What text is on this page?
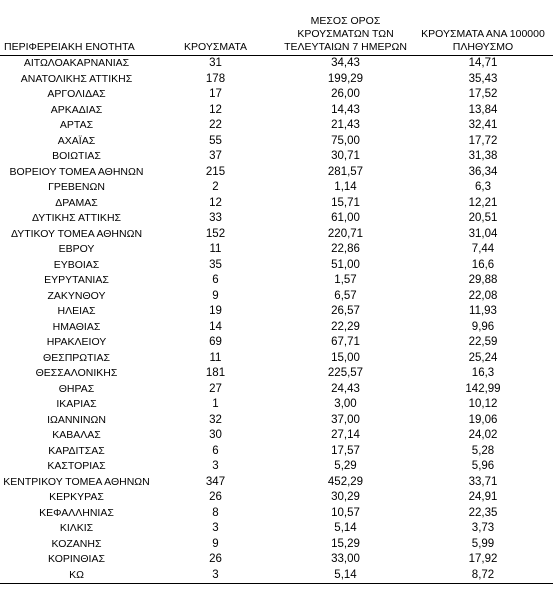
ΠΕΡΙΦΕΡΕΙΑΚΗ ΕΝΟΤΗΤΑ	ΚΡΟΥΣΜΑΤΑ	ΜΕΣΟΣ ΟΡΟΣ
ΚΡΟΥΣΜΑΤΩΝ ΤΩΝ
ΤΕΛΕΥΤΑΙΩΝ 7 ΗΜΕΡΩΝ	ΚΡΟΥΣΜΑΤΑ ΑΝΑ 100000
ΠΛΗΘΥΣΜΟ

ΑΙΤΩΛΟΑΚΑΡΝΑΝΙΑΣ	31	34,43	14,71
ΑΝΑΤΟΛΙΚΗΣ ΑΤΤΙΚΗΣ	178	199,29	35,43
ΑΡΓΟΛΙΔΑΣ	17	26,00	17,52
ΑΡΚΑΔΙΑΣ	12	14,43	13,84
ΑΡΤΑΣ	22	21,43	32,41
ΑΧΑΪΑΣ	55	75,00	17,72
ΒΟΙΩΤΙΑΣ	37	30,71	31,38
ΒΟΡΕΙΟΥ ΤΟΜΕΑ ΑΘΗΝΩΝ	215	281,57	36,34
ΓΡΕΒΕΝΩΝ	2	1,14	6,3
ΔΡΑΜΑΣ	12	15,71	12,21
ΔΥΤΙΚΗΣ ΑΤΤΙΚΗΣ	33	61,00	20,51
ΔΥΤΙΚΟΥ ΤΟΜΕΑ ΑΘΗΝΩΝ	152	220,71	31,04
ΕΒΡΟΥ	11	22,86	7,44
ΕΥΒΟΙΑΣ	35	51,00	16,6
ΕΥΡΥΤΑΝΙΑΣ	6	1,57	29,88
ΖΑΚΥΝΘΟΥ	9	6,57	22,08
ΗΛΕΙΑΣ	19	26,57	11,93
ΗΜΑΘΙΑΣ	14	22,29	9,96
ΗΡΑΚΛΕΙΟΥ	69	67,71	22,59
ΘΕΣΠΡΩΤΙΑΣ	11	15,00	25,24
ΘΕΣΣΑΛΟΝΙΚΗΣ	181	225,57	16,3
ΘΗΡΑΣ	27	24,43	142,99
ΙΚΑΡΙΑΣ	1	3,00	10,12
ΙΩΑΝΝΙΝΩΝ	32	37,00	19,06
ΚΑΒΑΛΑΣ	30	27,14	24,02
ΚΑΡΔΙΤΣΑΣ	6	17,57	5,28
ΚΑΣΤΟΡΙΑΣ	3	5,29	5,96
ΚΕΝΤΡΙΚΟΥ ΤΟΜΕΑ ΑΘΗΝΩΝ	347	452,29	33,71
ΚΕΡΚΥΡΑΣ	26	30,29	24,91
ΚΕΦΑΛΛΗΝΙΑΣ	8	10,57	22,35
ΚΙΛΚΙΣ	3	5,14	3,73
ΚΟΖΑΝΗΣ	9	15,29	5,99
ΚΟΡΙΝΘΙΑΣ	26	33,00	17,92
ΚΩ	3	5,14	8,72
